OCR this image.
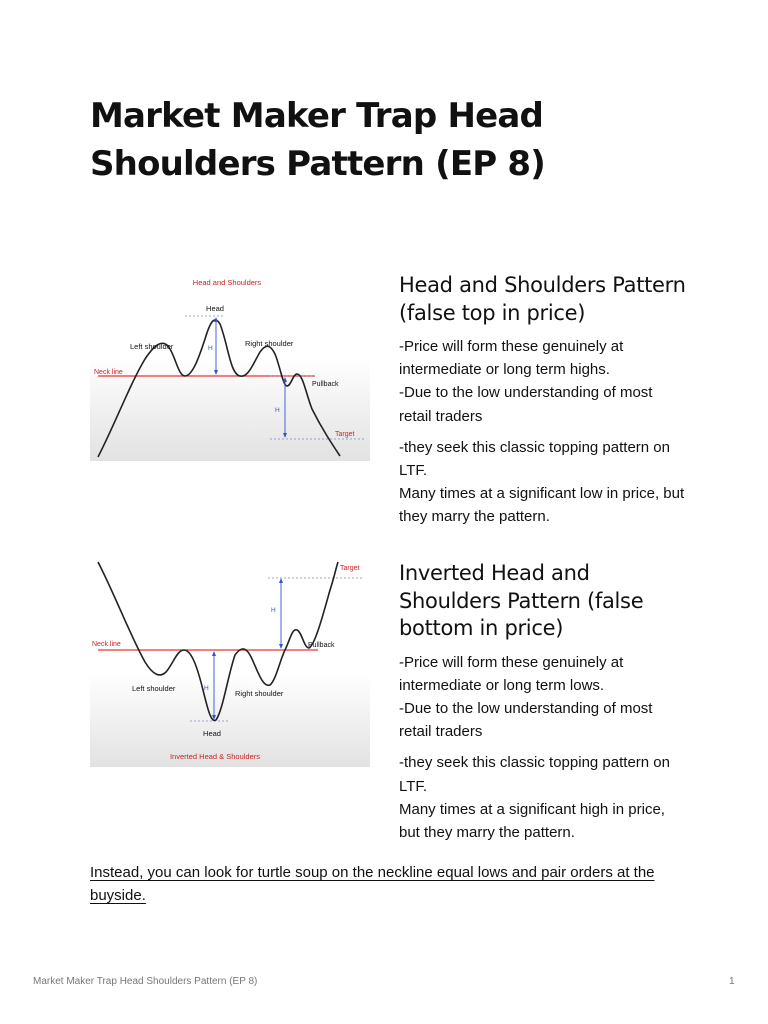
Market Maker Trap Head Shoulders Pattern (EP 8)
Head and Shoulders
Neck line
Target
H
H
Head
Left shoulder	Right shoulder
Pullback
Head and Shoulders Pattern (false top in price)

-Price will form these genuinely at intermediate or long term highs.

-Due to the low understanding of most retail traders

-they seek this classic topping pattern on LTF.

Many times at a significant low in price, but they marry the pattern.

Target
Neck line
H
H
Left shoulder
Right shoulder
Head
Pullback
Inverted Head & Shoulders
Inverted Head and Shoulders Pattern (false bottom in price)

-Price will form these genuinely at intermediate or long term lows.

-Due to the low understanding of most retail traders

-they seek this classic topping pattern on LTF.

Many times at a significant high in price, but they marry the pattern.

Instead, you can look for turtle soup on the neckline equal lows and pair orders at the buyside.
Market Maker Trap Head Shoulders Pattern (EP 8)	1
